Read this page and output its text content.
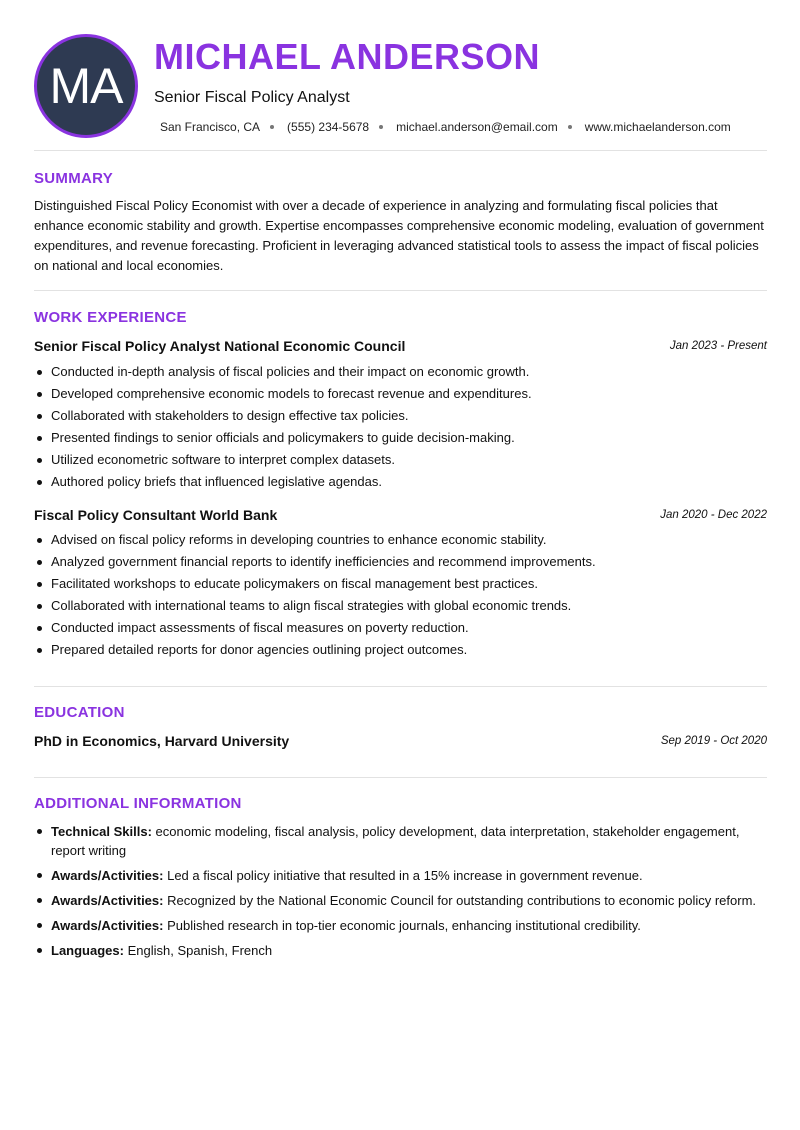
MA
MICHAEL ANDERSON
Senior Fiscal Policy Analyst
San Francisco, CA (555) 234-5678 michael.anderson@email.com www.michaelanderson.com
SUMMARY
Distinguished Fiscal Policy Economist with over a decade of experience in analyzing and formulating fiscal policies that enhance economic stability and growth. Expertise encompasses comprehensive economic modeling, evaluation of government expenditures, and revenue forecasting. Proficient in leveraging advanced statistical tools to assess the impact of fiscal policies on national and local economies.
WORK EXPERIENCE
Senior Fiscal Policy Analyst National Economic Council	Jan 2023 - Present
Conducted in-depth analysis of fiscal policies and their impact on economic growth.
Developed comprehensive economic models to forecast revenue and expenditures.
Collaborated with stakeholders to design effective tax policies.
Presented findings to senior officials and policymakers to guide decision-making.
Utilized econometric software to interpret complex datasets.
Authored policy briefs that influenced legislative agendas.
Fiscal Policy Consultant World Bank	Jan 2020 - Dec 2022
Advised on fiscal policy reforms in developing countries to enhance economic stability.
Analyzed government financial reports to identify inefficiencies and recommend improvements.
Facilitated workshops to educate policymakers on fiscal management best practices.
Collaborated with international teams to align fiscal strategies with global economic trends.
Conducted impact assessments of fiscal measures on poverty reduction.
Prepared detailed reports for donor agencies outlining project outcomes.
EDUCATION
PhD in Economics, Harvard University	Sep 2019 - Oct 2020
ADDITIONAL INFORMATION
Technical Skills: economic modeling, fiscal analysis, policy development, data interpretation, stakeholder engagement, report writing
Awards/Activities: Led a fiscal policy initiative that resulted in a 15% increase in government revenue.
Awards/Activities: Recognized by the National Economic Council for outstanding contributions to economic policy reform.
Awards/Activities: Published research in top-tier economic journals, enhancing institutional credibility.
Languages: English, Spanish, French
